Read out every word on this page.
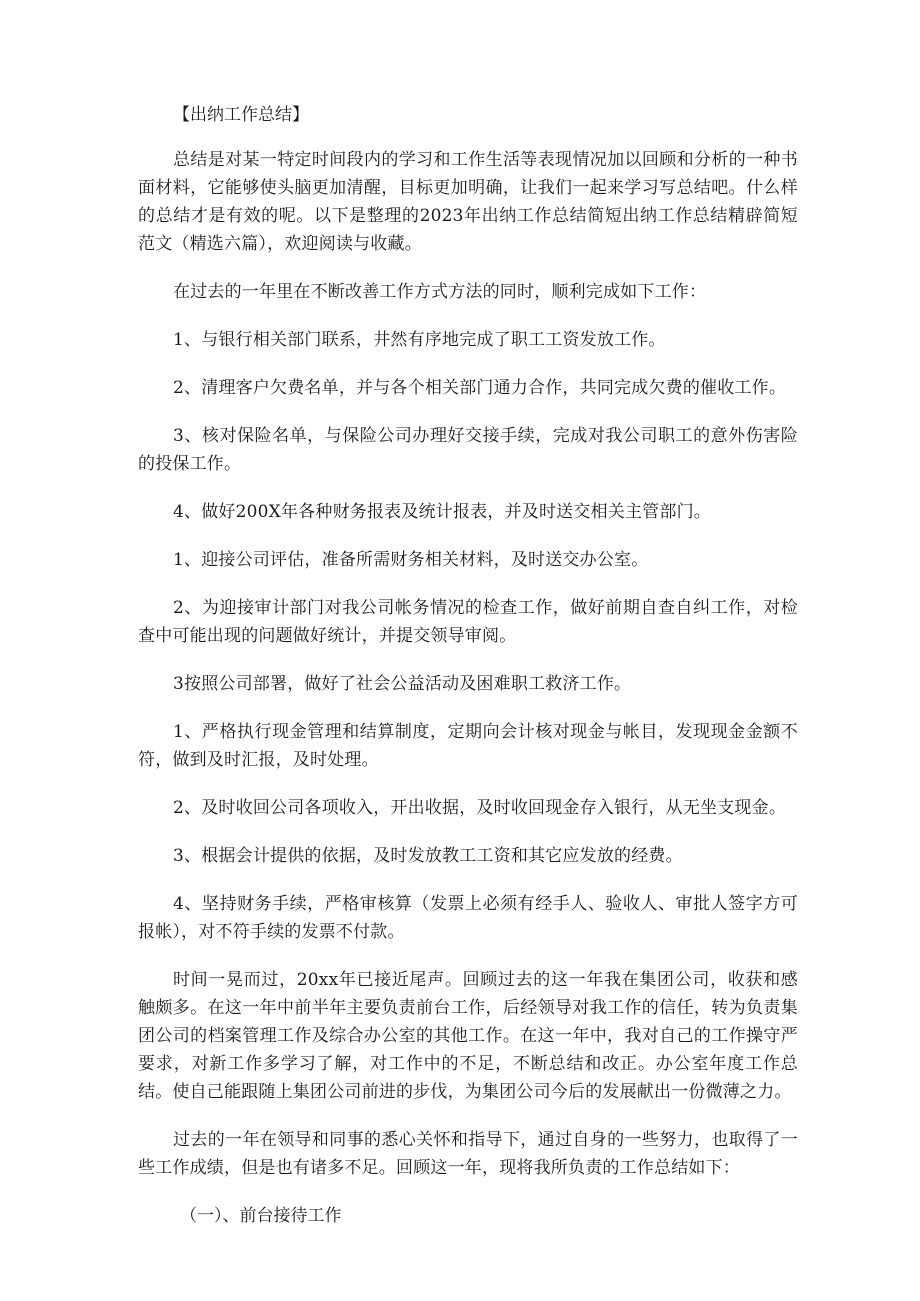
【出纳工作总结】

总结是对某一特定时间段内的学习和工作生活等表现情况加以回顾和分析的一种书面材料，它能够使头脑更加清醒，目标更加明确，让我们一起来学习写总结吧。什么样的总结才是有效的呢。以下是整理的2023年出纳工作总结简短出纳工作总结精辟简短范文（精选六篇），欢迎阅读与收藏。

在过去的一年里在不断改善工作方式方法的同时，顺利完成如下工作：

1、与银行相关部门联系，井然有序地完成了职工工资发放工作。

2、清理客户欠费名单，并与各个相关部门通力合作，共同完成欠费的催收工作。

3、核对保险名单，与保险公司办理好交接手续，完成对我公司职工的意外伤害险的投保工作。

4、做好200X年各种财务报表及统计报表，并及时送交相关主管部门。

1、迎接公司评估，准备所需财务相关材料，及时送交办公室。

2、为迎接审计部门对我公司帐务情况的检查工作，做好前期自查自纠工作，对检查中可能出现的问题做好统计，并提交领导审阅。

3按照公司部署，做好了社会公益活动及困难职工救济工作。

1、严格执行现金管理和结算制度，定期向会计核对现金与帐目，发现现金金额不符，做到及时汇报，及时处理。

2、及时收回公司各项收入，开出收据，及时收回现金存入银行，从无坐支现金。

3、根据会计提供的依据，及时发放教工工资和其它应发放的经费。

4、坚持财务手续，严格审核算（发票上必须有经手人、验收人、审批人签字方可报帐），对不符手续的发票不付款。

时间一晃而过，20xx年已接近尾声。回顾过去的这一年我在集团公司，收获和感触颇多。在这一年中前半年主要负责前台工作，后经领导对我工作的信任，转为负责集团公司的档案管理工作及综合办公室的其他工作。在这一年中，我对自己的工作操守严要求，对新工作多学习了解，对工作中的不足，不断总结和改正。办公室年度工作总结。使自己能跟随上集团公司前进的步伐，为集团公司今后的发展献出一份微薄之力。

过去的一年在领导和同事的悉心关怀和指导下，通过自身的一些努力，也取得了一些工作成绩，但是也有诸多不足。回顾这一年，现将我所负责的工作总结如下：

（一）、前台接待工作
